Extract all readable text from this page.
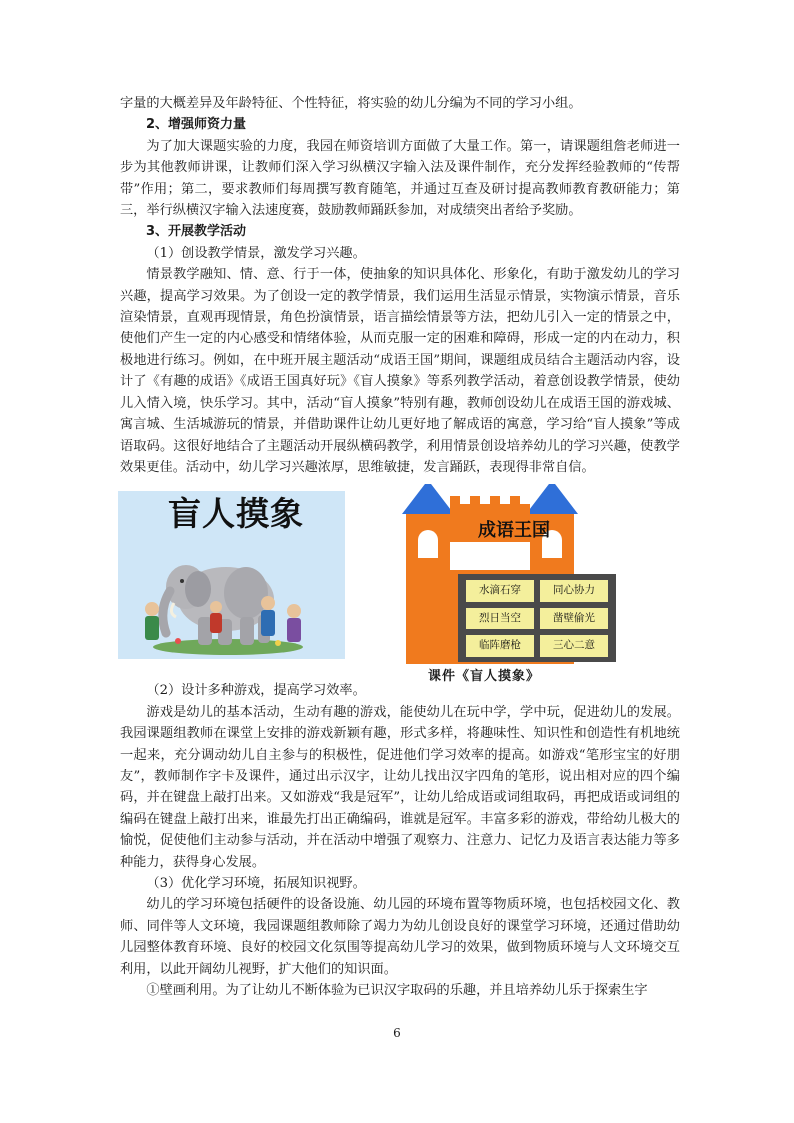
字量的大概差异及年龄特征、个性特征，将实验的幼儿分编为不同的学习小组。

2、增强师资力量

为了加大课题实验的力度，我园在师资培训方面做了大量工作。第一，请课题组詹老师进一步为其他教师讲课，让教师们深入学习纵横汉字输入法及课件制作，充分发挥经验教师的“传帮带”作用；第二，要求教师们每周撰写教育随笔，并通过互查及研讨提高教师教育教研能力；第三，举行纵横汉字输入法速度赛，鼓励教师踊跃参加，对成绩突出者给予奖励。

3、开展教学活动

（1）创设教学情景，激发学习兴趣。

情景教学融知、情、意、行于一体，使抽象的知识具体化、形象化，有助于激发幼儿的学习兴趣，提高学习效果。为了创设一定的教学情景，我们运用生活显示情景，实物演示情景，音乐渲染情景，直观再现情景，角色扮演情景，语言描绘情景等方法，把幼儿引入一定的情景之中，使他们产生一定的内心感受和情绪体验，从而克服一定的困难和障碍，形成一定的内在动力，积极地进行练习。例如，在中班开展主题活动“成语王国”期间，课题组成员结合主题活动内容，设计了《有趣的成语》《成语王国真好玩》《盲人摸象》等系列教学活动，着意创设教学情景，使幼儿入情入境，快乐学习。其中，活动“盲人摸象”特别有趣，教师创设幼儿在成语王国的游戏城、寓言城、生活城游玩的情景，并借助课件让幼儿更好地了解成语的寓意，学习给“盲人摸象”等成语取码。这很好地结合了主题活动开展纵横码教学，利用情景创设培养幼儿的学习兴趣，使教学效果更佳。活动中，幼儿学习兴趣浓厚，思维敏捷，发言踊跃，表现得非常自信。

盲人摸象	成语王国
水滴石穿	同心协力
烈日当空	凿壁偷光
临阵磨枪	三心二意
课件《盲人摸象》

（2）设计多种游戏，提高学习效率。

游戏是幼儿的基本活动，生动有趣的游戏，能使幼儿在玩中学，学中玩，促进幼儿的发展。我园课题组教师在课堂上安排的游戏新颖有趣，形式多样，将趣味性、知识性和创造性有机地统一起来，充分调动幼儿自主参与的积极性，促进他们学习效率的提高。如游戏“笔形宝宝的好朋友”，教师制作字卡及课件，通过出示汉字，让幼儿找出汉字四角的笔形，说出相对应的四个编码，并在键盘上敲打出来。又如游戏“我是冠军”，让幼儿给成语或词组取码，再把成语或词组的编码在键盘上敲打出来，谁最先打出正确编码，谁就是冠军。丰富多彩的游戏，带给幼儿极大的愉悦，促使他们主动参与活动，并在活动中增强了观察力、注意力、记忆力及语言表达能力等多种能力，获得身心发展。

（3）优化学习环境，拓展知识视野。

幼儿的学习环境包括硬件的设备设施、幼儿园的环境布置等物质环境，也包括校园文化、教师、同伴等人文环境，我园课题组教师除了竭力为幼儿创设良好的课堂学习环境，还通过借助幼儿园整体教育环境、良好的校园文化氛围等提高幼儿学习的效果，做到物质环境与人文环境交互利用，以此开阔幼儿视野，扩大他们的知识面。

①壁画利用。为了让幼儿不断体验为已识汉字取码的乐趣，并且培养幼儿乐于探索生字

6
